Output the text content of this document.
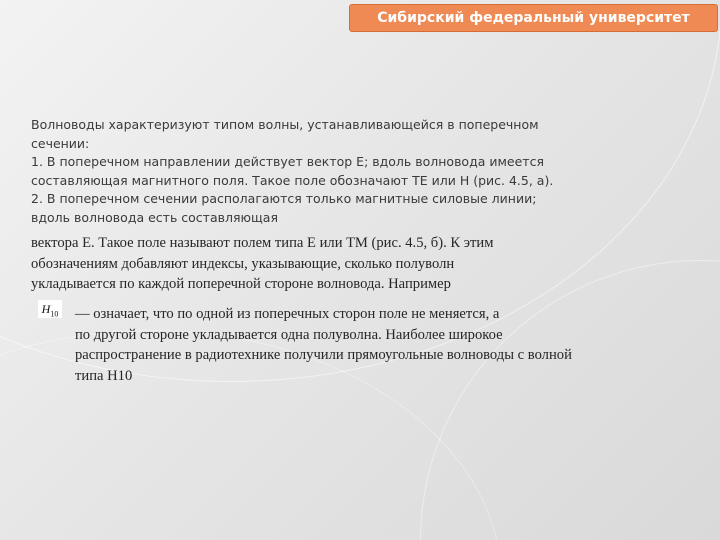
Сибирский федеральный университет

Волноводы характеризуют типом волны, устанавливающейся в поперечном

сечении:

1. В поперечном направлении действует вектор Е; вдоль волновода имеется

составляющая магнитного поля. Такое поле обозначают ТЕ или Н (рис. 4.5, а).

2. В поперечном сечении располагаются только магнитные силовые линии;

вдоль волновода есть составляющая

вектора Е. Такое поле называют полем типа Е или ТМ (рис. 4.5, б). К этим

обозначениям добавляют индексы, указывающие, сколько полуволн

укладывается по каждой поперечной стороне волновода. Например

$H_{10}$ — означает, что по одной из поперечных сторон поле не меняется, а

по другой стороне укладывается одна полуволна. Наиболее широкое

распространение в радиотехнике получили прямоугольные волноводы с волной

типа Н10
